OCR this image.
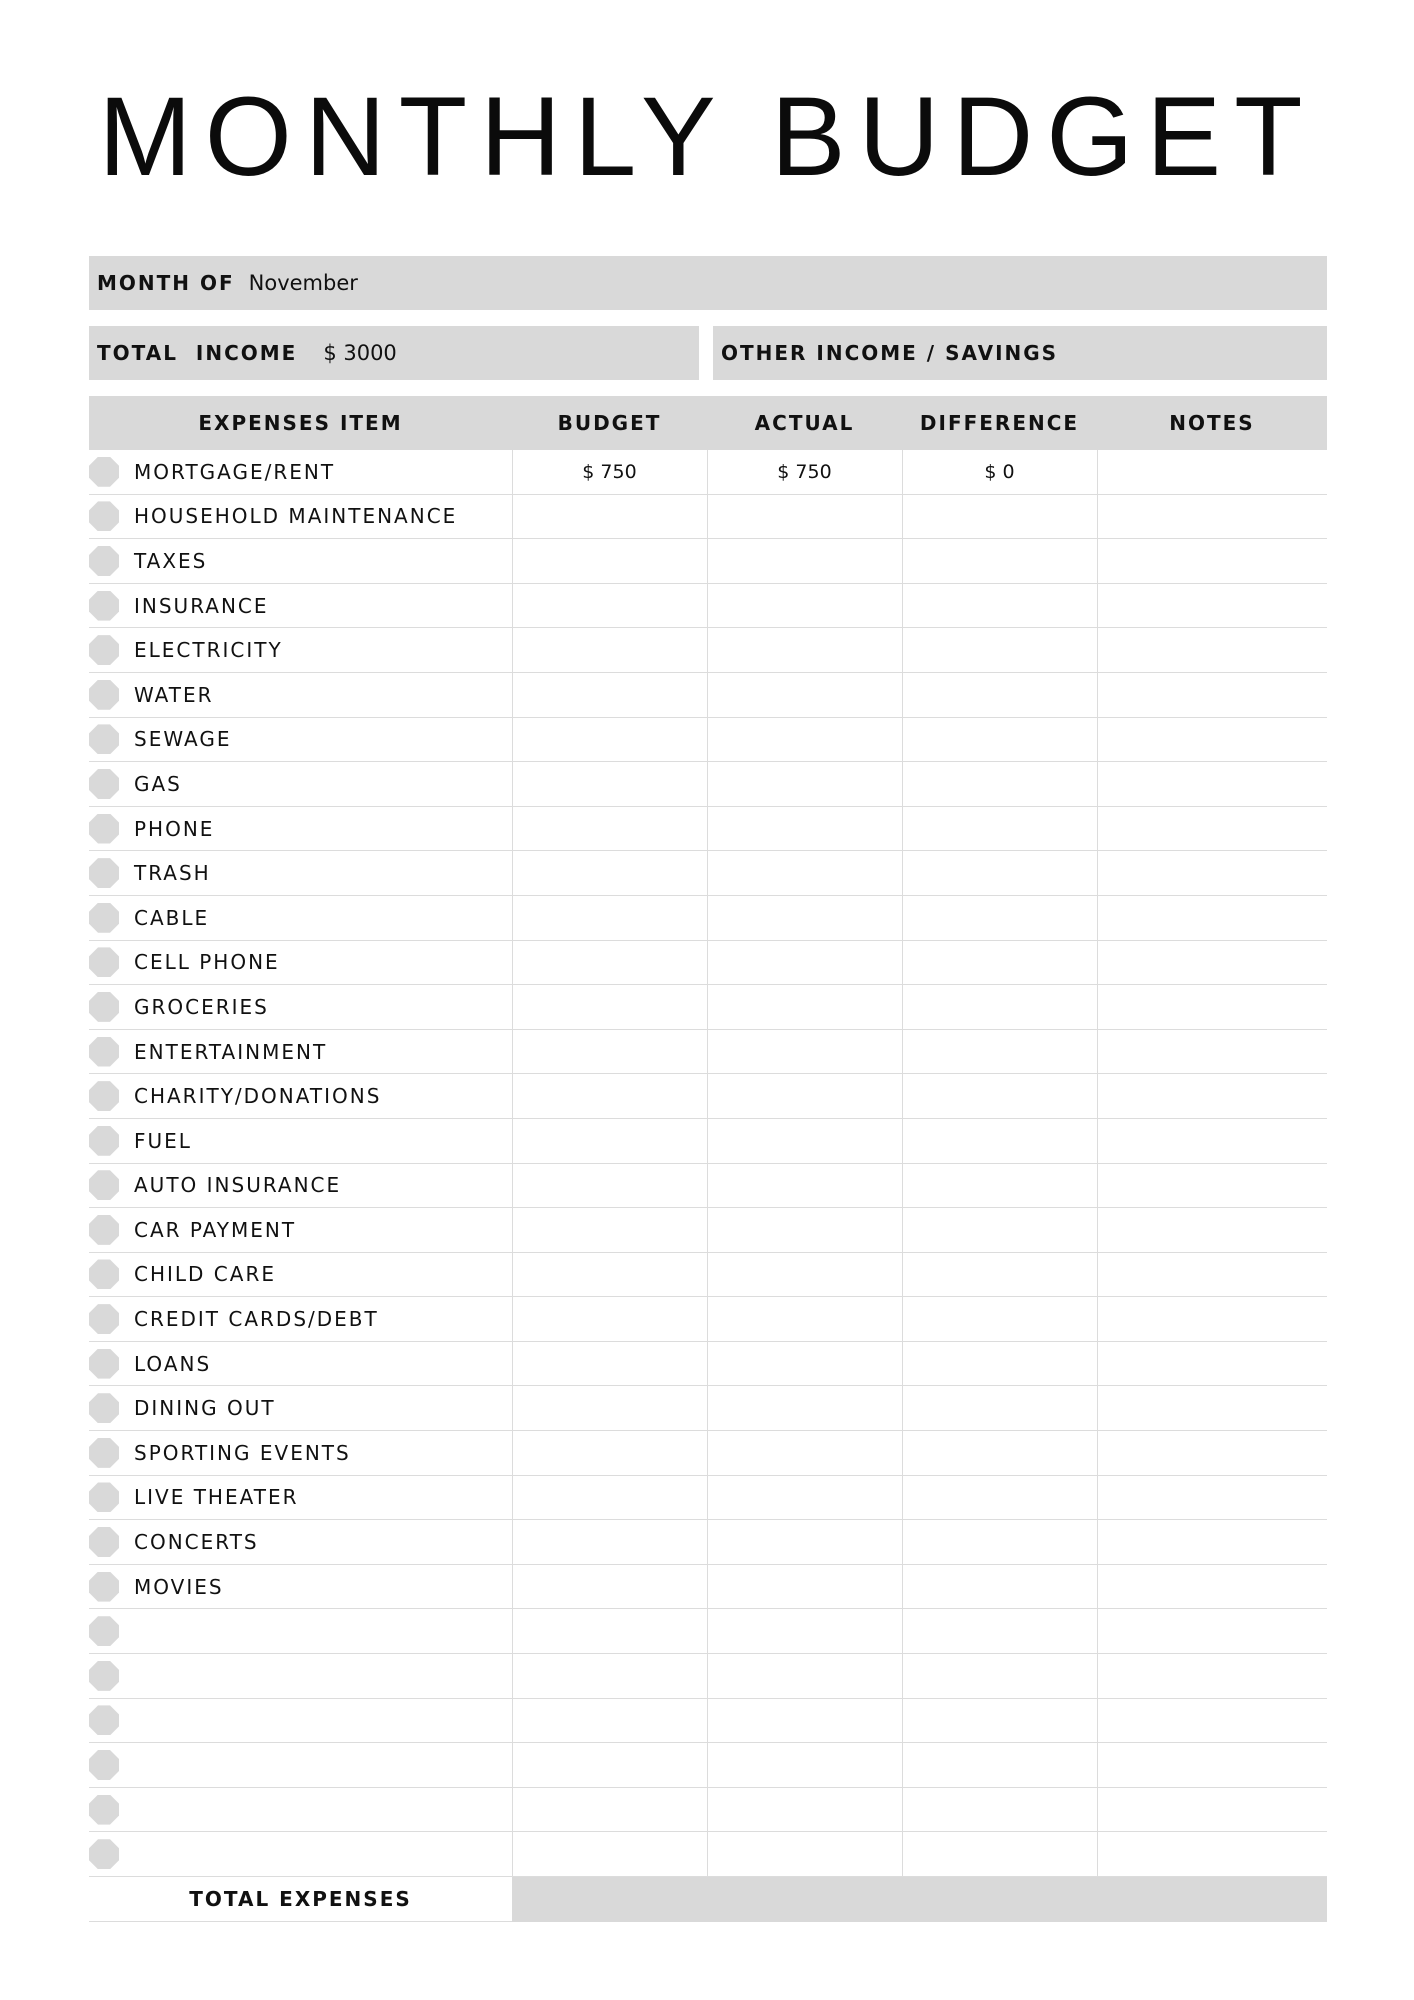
MONTHLY BUDGET
MONTH OF November
TOTAL  INCOME $ 3000	OTHER INCOME / SAVINGS
EXPENSES ITEM	BUDGET	ACTUAL	DIFFERENCE	NOTES

MORTGAGE/RENT	$ 750	$ 750	$ 0	

HOUSEHOLD MAINTENANCE				

TAXES				

INSURANCE				

ELECTRICITY				

WATER				

SEWAGE				

GAS				

PHONE				

TRASH				

CABLE				

CELL PHONE				

GROCERIES				

ENTERTAINMENT				

CHARITY/DONATIONS				

FUEL				

AUTO INSURANCE				

CAR PAYMENT				

CHILD CARE				

CREDIT CARDS/DEBT				

LOANS				

DINING OUT				

SPORTING EVENTS				

LIVE THEATER				

CONCERTS				

MOVIES				

TOTAL EXPENSES				
